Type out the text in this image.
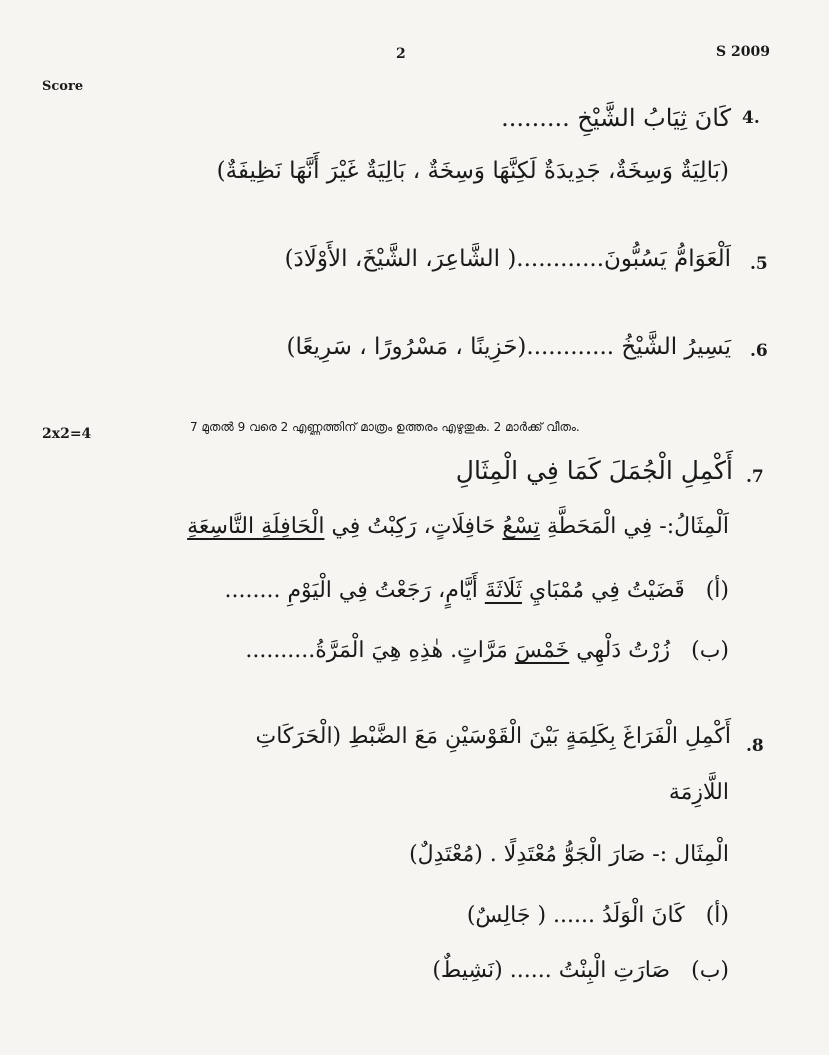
2	S 2009
Score
4.
كَانَ ثِيَابُ الشَّيْخِ .........
(بَالِيَةٌ وَسِخَةٌ، جَدِيدَةٌ لَكِنَّهَا وَسِخَةٌ ، بَالِيَةٌ غَيْرَ أَنَّهَا نَظِيفَةٌ)
.5
اَلْعَوَامُّ يَسُبُّونَ............( الشَّاعِرَ، الشَّيْخَ، الأَوْلَادَ)
.6
يَسِيرُ الشَّيْخُ ............(حَزِينًا ، مَسْرُورًا ، سَرِيعًا)
2x2=4	7 മുതൽ 9 വരെ 2 എണ്ണത്തിന് മാത്രം ഉത്തരം എഴുതുക. 2 മാർക്ക് വീതം.
.7
أَكْمِلِ الْجُمَلَ كَمَا فِي الْمِثَالِ
اَلْمِثَالُ:- فِي الْمَحَطَّةِ تِسْعُ حَافِلَاتٍ، رَكِبْتُ فِي الْحَافِلَةِ التَّاسِعَةِ
(أ)   قَضَيْتُ فِي مُمْبَايِ ثَلَاثَةَ أَيَّامٍ، رَجَعْتُ فِي الْيَوْمِ ........
(ب)   زُرْتُ دَلْهِي خَمْسَ مَرَّاتٍ. هٰذِهِ هِيَ الْمَرَّةُ..........
.8
أَكْمِلِ الْفَرَاغَ بِكَلِمَةٍ بَيْنَ الْقَوْسَيْنِ مَعَ الضَّبْطِ (الْحَرَكَاتِ
اللَّازِمَة
الْمِثَال :- صَارَ الْجَوُّ مُعْتَدِلًا . (مُعْتَدِلٌ)
(أ)   كَانَ الْوَلَدُ ...... ( جَالِسٌ)
(ب)   صَارَتِ الْبِنْتُ ...... (نَشِيطٌ)
